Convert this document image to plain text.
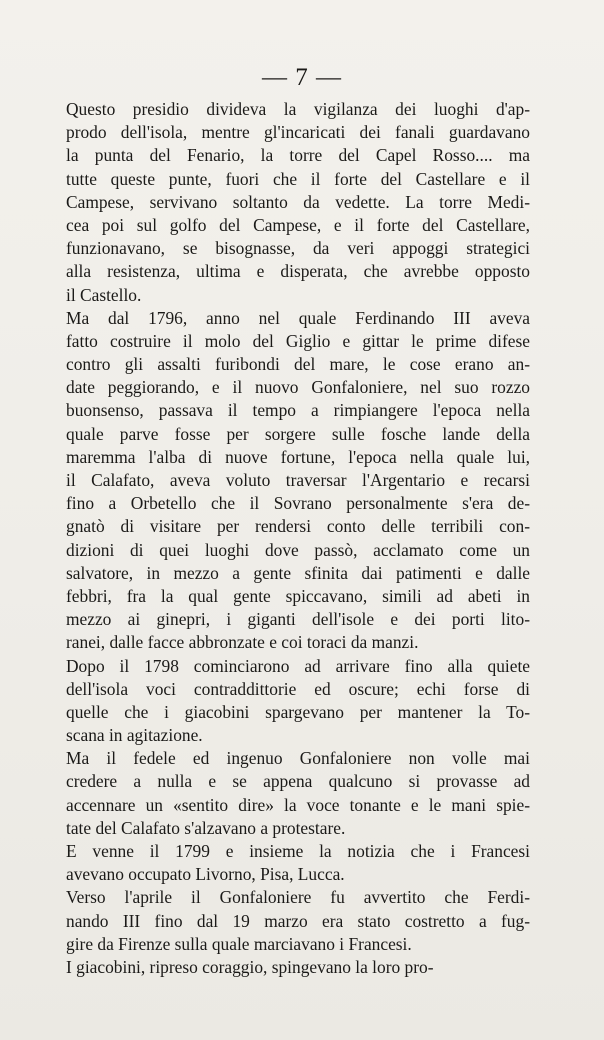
— 7 —
Questo presidio divideva la vigilanza dei luoghi d'ap-
prodo dell'isola, mentre gl'incaricati dei fanali guardavano
la punta del Fenario, la torre del Capel Rosso.... ma
tutte queste punte, fuori che il forte del Castellare e il
Campese, servivano soltanto da vedette. La torre Medi-
cea poi sul golfo del Campese, e il forte del Castellare,
funzionavano, se bisognasse, da veri appoggi strategici
alla resistenza, ultima e disperata, che avrebbe opposto
il Castello.
Ma dal 1796, anno nel quale Ferdinando III aveva
fatto costruire il molo del Giglio e gittar le prime difese
contro gli assalti furibondi del mare, le cose erano an-
date peggiorando, e il nuovo Gonfaloniere, nel suo rozzo
buonsenso, passava il tempo a rimpiangere l'epoca nella
quale parve fosse per sorgere sulle fosche lande della
maremma l'alba di nuove fortune, l'epoca nella quale lui,
il Calafato, aveva voluto traversar l'Argentario e recarsi
fino a Orbetello che il Sovrano personalmente s'era de-
gnatò di visitare per rendersi conto delle terribili con-
dizioni di quei luoghi dove passò, acclamato come un
salvatore, in mezzo a gente sfinita dai patimenti e dalle
febbri, fra la qual gente spiccavano, simili ad abeti in
mezzo ai ginepri, i giganti dell'isole e dei porti lito-
ranei, dalle facce abbronzate e coi toraci da manzi.
Dopo il 1798 cominciarono ad arrivare fino alla quiete
dell'isola voci contraddittorie ed oscure; echi forse di
quelle che i giacobini spargevano per mantener la To-
scana in agitazione.
Ma il fedele ed ingenuo Gonfaloniere non volle mai
credere a nulla e se appena qualcuno si provasse ad
accennare un «sentito dire» la voce tonante e le mani spie-
tate del Calafato s'alzavano a protestare.
E venne il 1799 e insieme la notizia che i Francesi
avevano occupato Livorno, Pisa, Lucca.
Verso l'aprile il Gonfaloniere fu avvertito che Ferdi-
nando III fino dal 19 marzo era stato costretto a fug-
gire da Firenze sulla quale marciavano i Francesi.
I giacobini, ripreso coraggio, spingevano la loro pro-
